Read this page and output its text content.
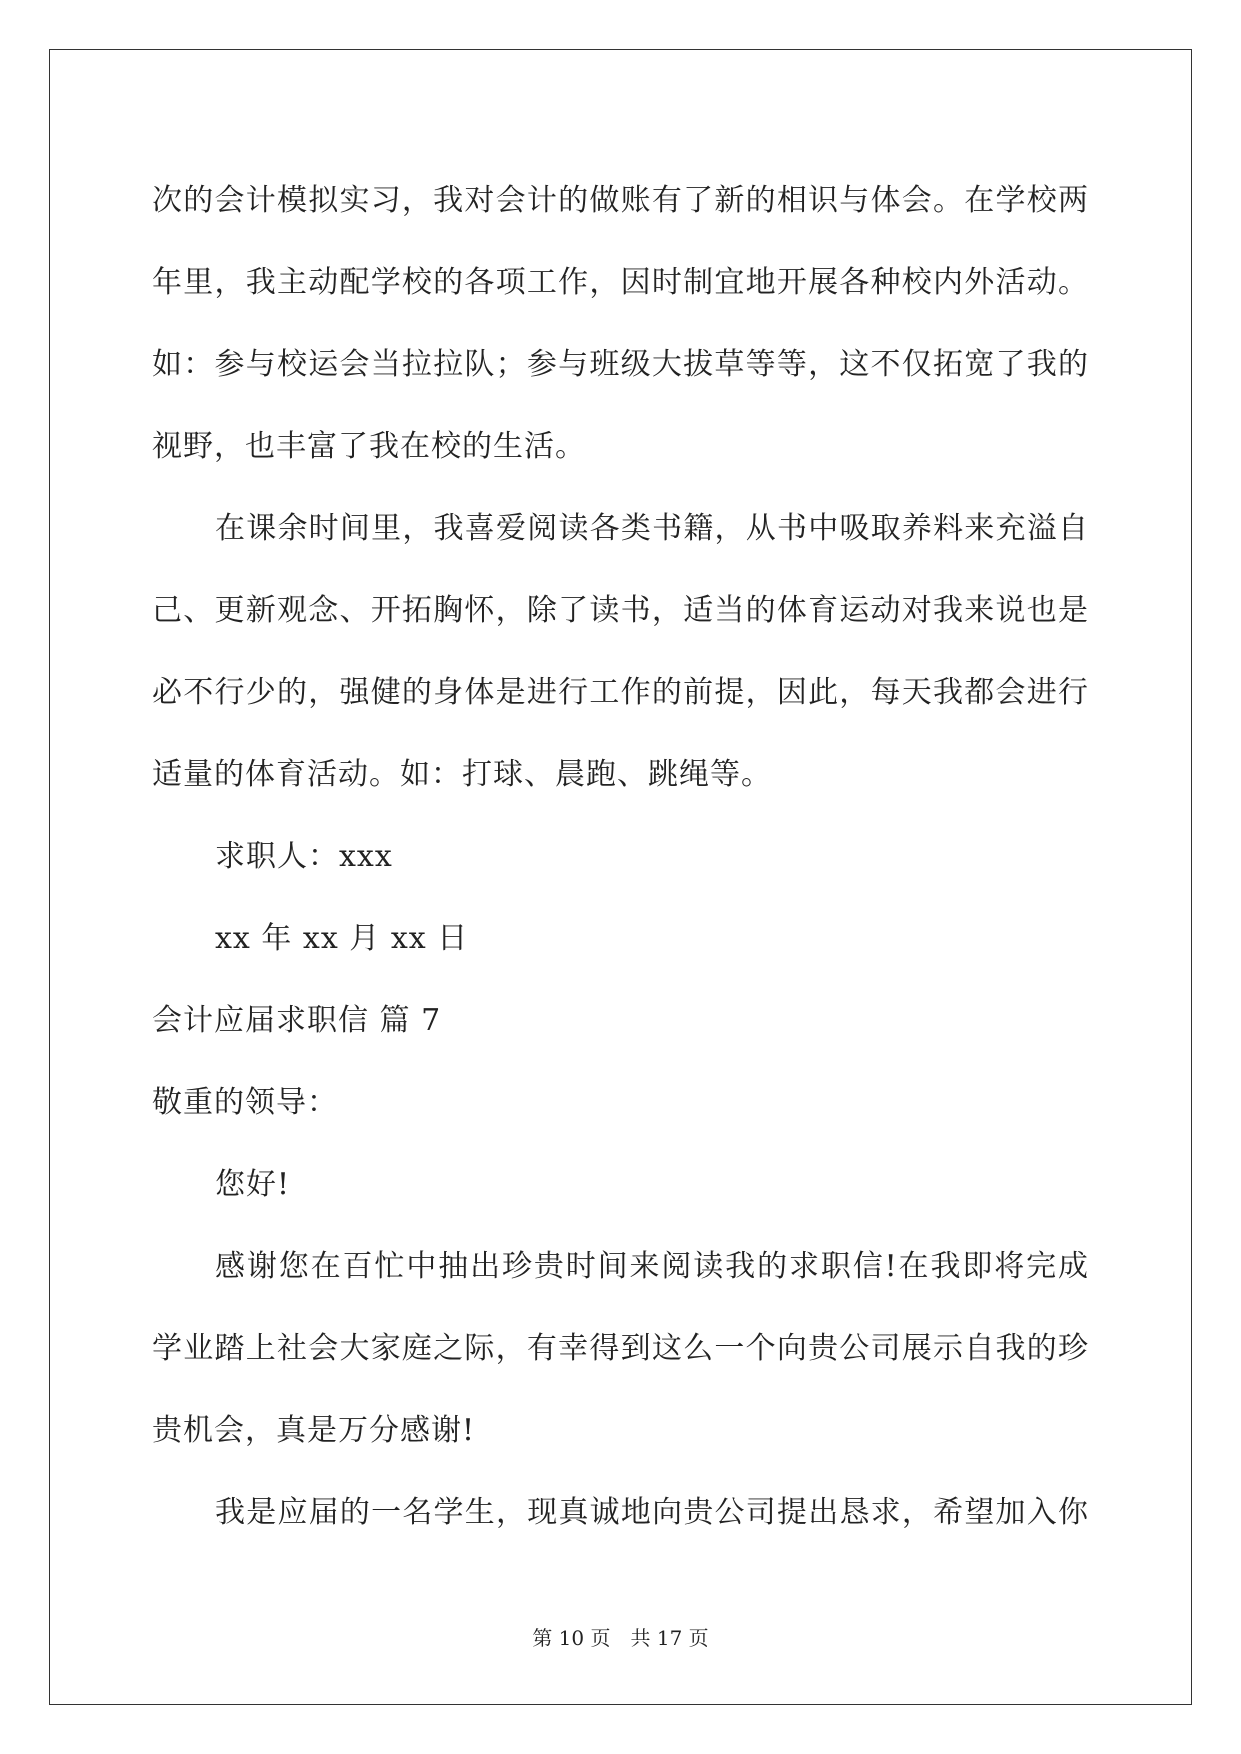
次的会计模拟实习，我对会计的做账有了新的相识与体会。在学校两
年里，我主动配学校的各项工作，因时制宜地开展各种校内外活动。
如：参与校运会当拉拉队；参与班级大拔草等等，这不仅拓宽了我的
视野，也丰富了我在校的生活。
在课余时间里，我喜爱阅读各类书籍，从书中吸取养料来充溢自
己、更新观念、开拓胸怀，除了读书，适当的体育运动对我来说也是
必不行少的，强健的身体是进行工作的前提，因此，每天我都会进行
适量的体育活动。如：打球、晨跑、跳绳等。
求职人：xxx
xx 年 xx 月 xx 日
会计应届求职信 篇 7
敬重的领导：
您好!
感谢您在百忙中抽出珍贵时间来阅读我的求职信!在我即将完成
学业踏上社会大家庭之际，有幸得到这么一个向贵公司展示自我的珍
贵机会，真是万分感谢!
我是应届的一名学生，现真诚地向贵公司提出恳求，希望加入你
第 10 页 共 17 页
